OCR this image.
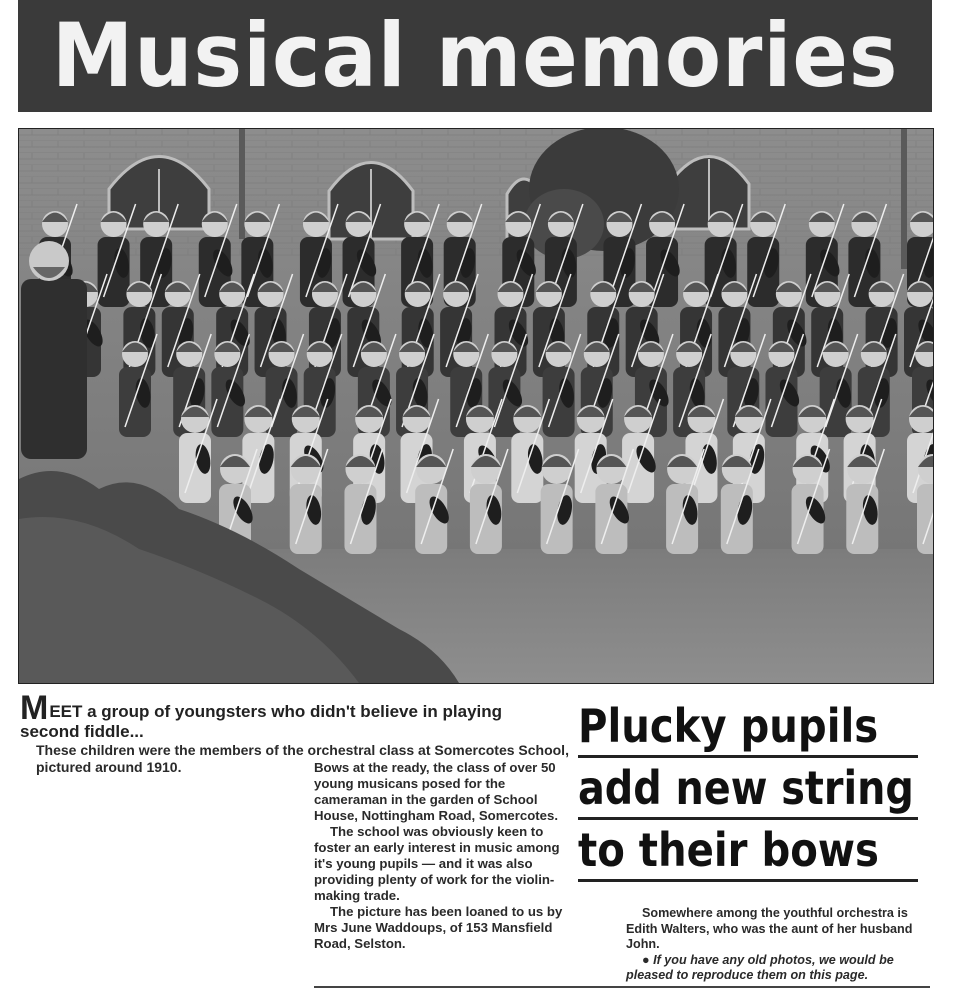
Musical memories
MEET a group of youngsters who didn't believe in playing second fiddle...
These children were the members of the orchestral class at Somercotes School, pictured around 1910.	Bows at the ready, the class of over 50 young musicans posed for the cameraman in the garden of School House, Nottingham Road, Somercotes.

The school was obviously keen to foster an early interest in music among it's young pupils — and it was also providing plenty of work for the violin-making trade.

The picture has been loaned to us by Mrs June Waddoups, of 153 Mansfield Road, Selston.

Plucky pupils
add new string
to their bows

Somewhere among the youthful orchestra is Edith Walters, who was the aunt of her husband John.

● If you have any old photos, we would be pleased to reproduce them on this page.
